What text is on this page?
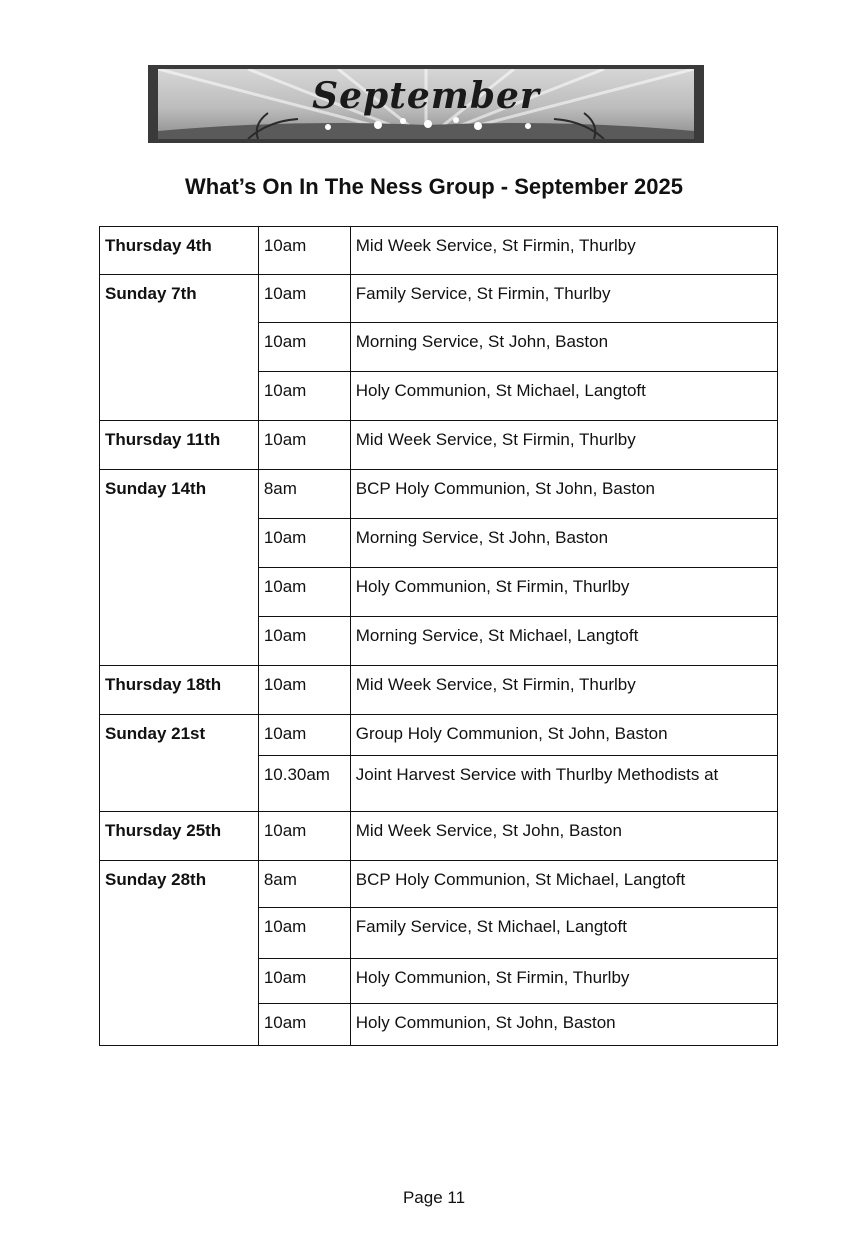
September
What’s On In The Ness Group - September 2025
Thursday 4th	10am	Mid Week Service, St Firmin, Thurlby
Sunday 7th	10am	Family Service, St Firmin, Thurlby
	10am	Morning Service, St John, Baston
	10am	Holy Communion, St Michael, Langtoft
Thursday 11th	10am	Mid Week Service, St Firmin, Thurlby
Sunday 14th	8am	BCP Holy Communion, St John, Baston
	10am	Morning Service, St John, Baston
	10am	Holy Communion, St Firmin, Thurlby
	10am	Morning Service, St Michael, Langtoft
Thursday 18th	10am	Mid Week Service, St Firmin, Thurlby
Sunday 21st	10am	Group Holy Communion, St John, Baston
	10.30am	Joint Harvest Service with Thurlby Methodists at
Thursday 25th	10am	Mid Week Service, St John, Baston
Sunday 28th	8am	BCP Holy Communion, St Michael, Langtoft
	10am	Family Service, St Michael, Langtoft
	10am	Holy Communion, St Firmin, Thurlby
	10am	Holy Communion, St John, Baston
Page 11
